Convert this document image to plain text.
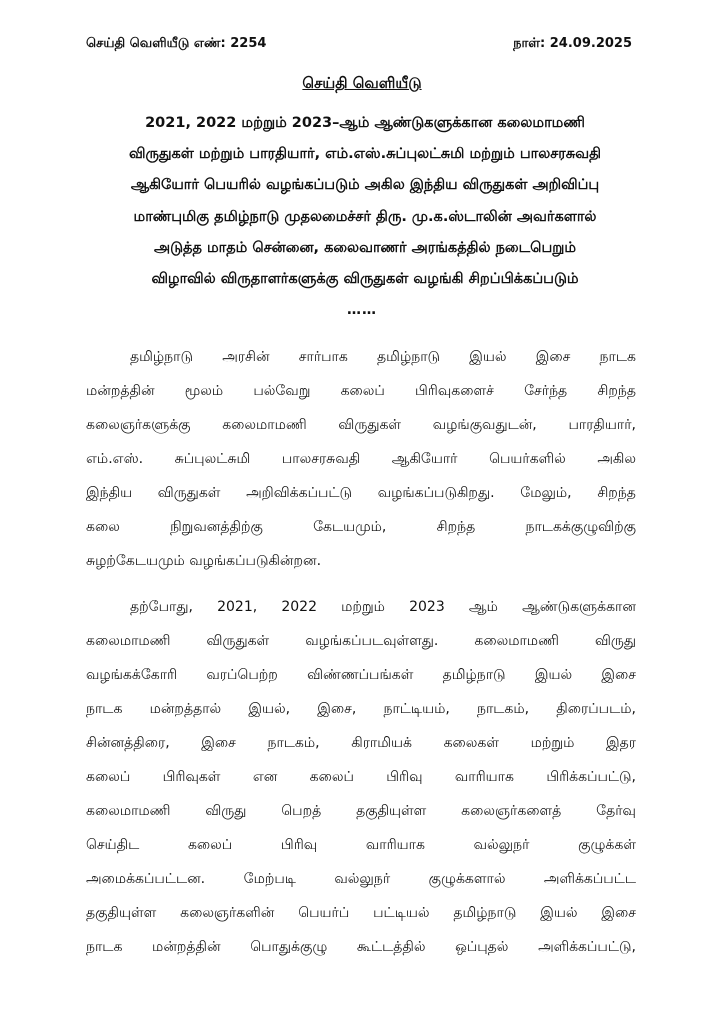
செய்தி வெளியீடு எண்: 2254	நாள்: 24.09.2025
செய்தி வெளியீடு
2021, 2022 மற்றும் 2023–ஆம் ஆண்டுகளுக்கான கலைமாமணி
விருதுகள் மற்றும் பாரதியார், எம்.எஸ்.சுப்புலட்சுமி மற்றும் பாலசரசுவதி
ஆகியோர் பெயரில் வழங்கப்படும் அகில இந்திய விருதுகள் அறிவிப்பு
மாண்புமிகு தமிழ்நாடு முதலமைச்சர் திரு. மு.க.ஸ்டாலின் அவர்களால்
அடுத்த மாதம் சென்னை, கலைவாணர் அரங்கத்தில் நடைபெறும்
விழாவில் விருதாளர்களுக்கு விருதுகள் வழங்கி சிறப்பிக்கப்படும்
……
தமிழ்நாடு அரசின் சார்பாக தமிழ்நாடு இயல் இசை நாடக
மன்றத்தின் மூலம் பல்வேறு கலைப் பிரிவுகளைச் சேர்ந்த சிறந்த
கலைஞர்களுக்கு கலைமாமணி விருதுகள் வழங்குவதுடன், பாரதியார்,
எம்.எஸ். சுப்புலட்சுமி பாலசரசுவதி ஆகியோர் பெயர்களில் அகில
இந்திய விருதுகள் அறிவிக்கப்பட்டு வழங்கப்படுகிறது. மேலும், சிறந்த
கலை	நிறுவனத்திற்கு	கேடயமும்,	சிறந்த	நாடகக்குழுவிற்கு
சுழற்கேடயமும் வழங்கப்படுகின்றன.
தற்போது, 2021, 2022 மற்றும் 2023 ஆம் ஆண்டுகளுக்கான
கலைமாமணி	விருதுகள்	வழங்கப்படவுள்ளது.	கலைமாமணி	விருது
வழங்கக்கோரி வரப்பெற்ற விண்ணப்பங்கள் தமிழ்நாடு இயல் இசை
நாடக மன்றத்தால் இயல், இசை, நாட்டியம், நாடகம், திரைப்படம்,
சின்னத்திரை, இசை நாடகம், கிராமியக் கலைகள் மற்றும் இதர
கலைப் பிரிவுகள் என கலைப் பிரிவு வாரியாக பிரிக்கப்பட்டு,
கலைமாமணி விருது பெறத் தகுதியுள்ள கலைஞர்களைத் தேர்வு
செய்திட	கலைப்	பிரிவு	வாரியாக	வல்லுநர்	குழுக்கள்
அமைக்கப்பட்டன.	மேற்படி	வல்லுநர்	குழுக்களால்	அளிக்கப்பட்ட
தகுதியுள்ள கலைஞர்களின் பெயர்ப் பட்டியல் தமிழ்நாடு இயல் இசை
நாடக மன்றத்தின் பொதுக்குழு கூட்டத்தில் ஒப்புதல் அளிக்கப்பட்டு,
